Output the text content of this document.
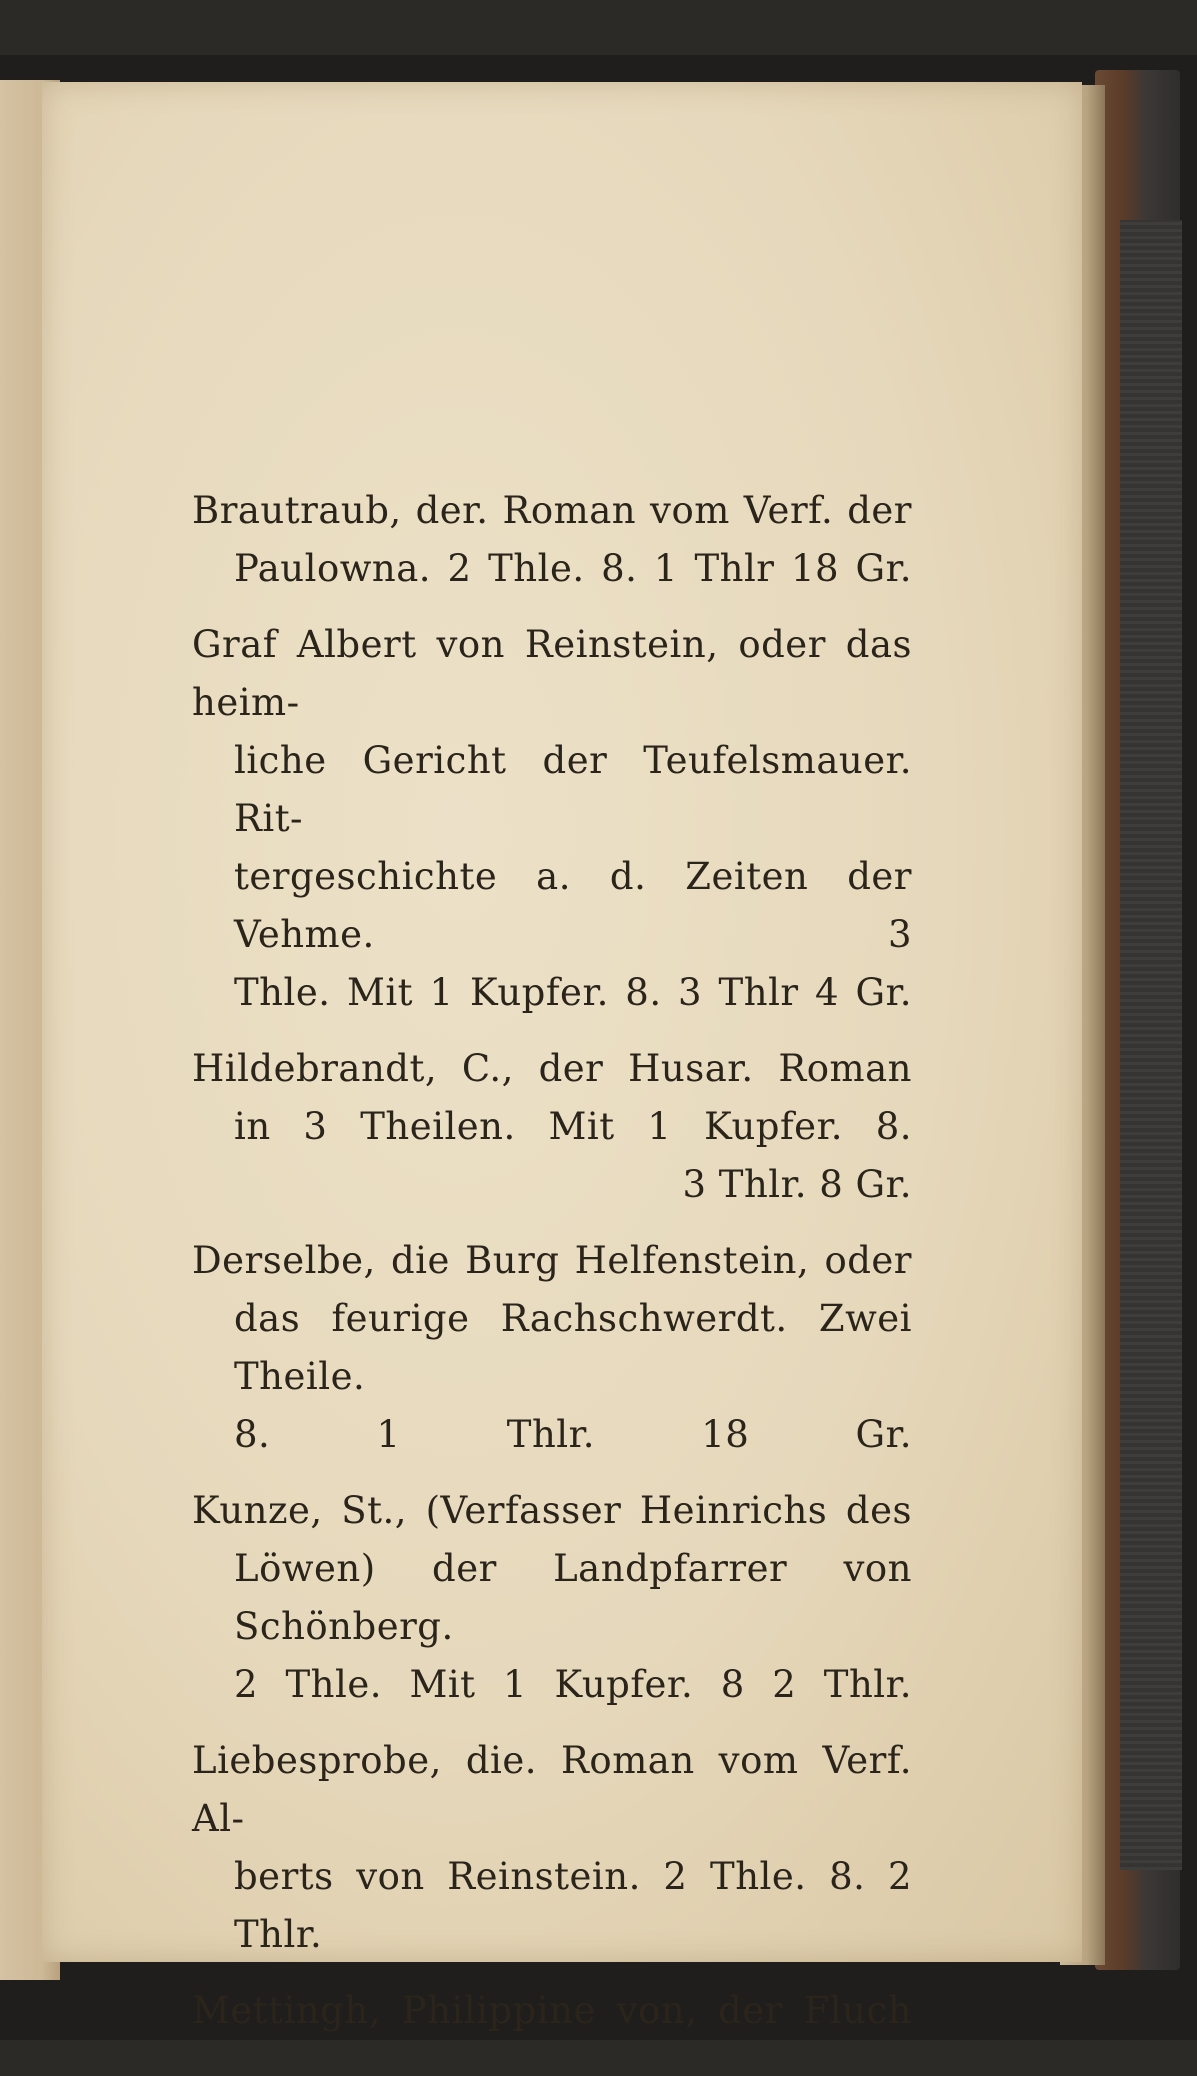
Brautraub, der. Roman vom Verf. der
Paulowna. 2 Thle. 8. 1 Thlr 18 Gr.
Graf Albert von Reinstein, oder das heim-
liche Gericht der Teufelsmauer. Rit-
tergeschichte a. d. Zeiten der Vehme. 3
Thle. Mit 1 Kupfer. 8. 3 Thlr 4 Gr.
Hildebrandt, C., der Husar. Roman
in 3 Theilen. Mit 1 Kupfer. 8.
3 Thlr. 8 Gr.
Derselbe, die Burg Helfenstein, oder
das feurige Rachschwerdt. Zwei Theile.
8. 1 Thlr. 18 Gr.
Kunze, St., (Verfasser Heinrichs des
Löwen) der Landpfarrer von Schönberg.
2 Thle. Mit 1 Kupfer. 8 2 Thlr.
Liebesprobe, die. Roman vom Verf. Al-
berts von Reinstein. 2 Thle. 8. 2 Thlr.
Mettingh, Philippine von, der Fluch
